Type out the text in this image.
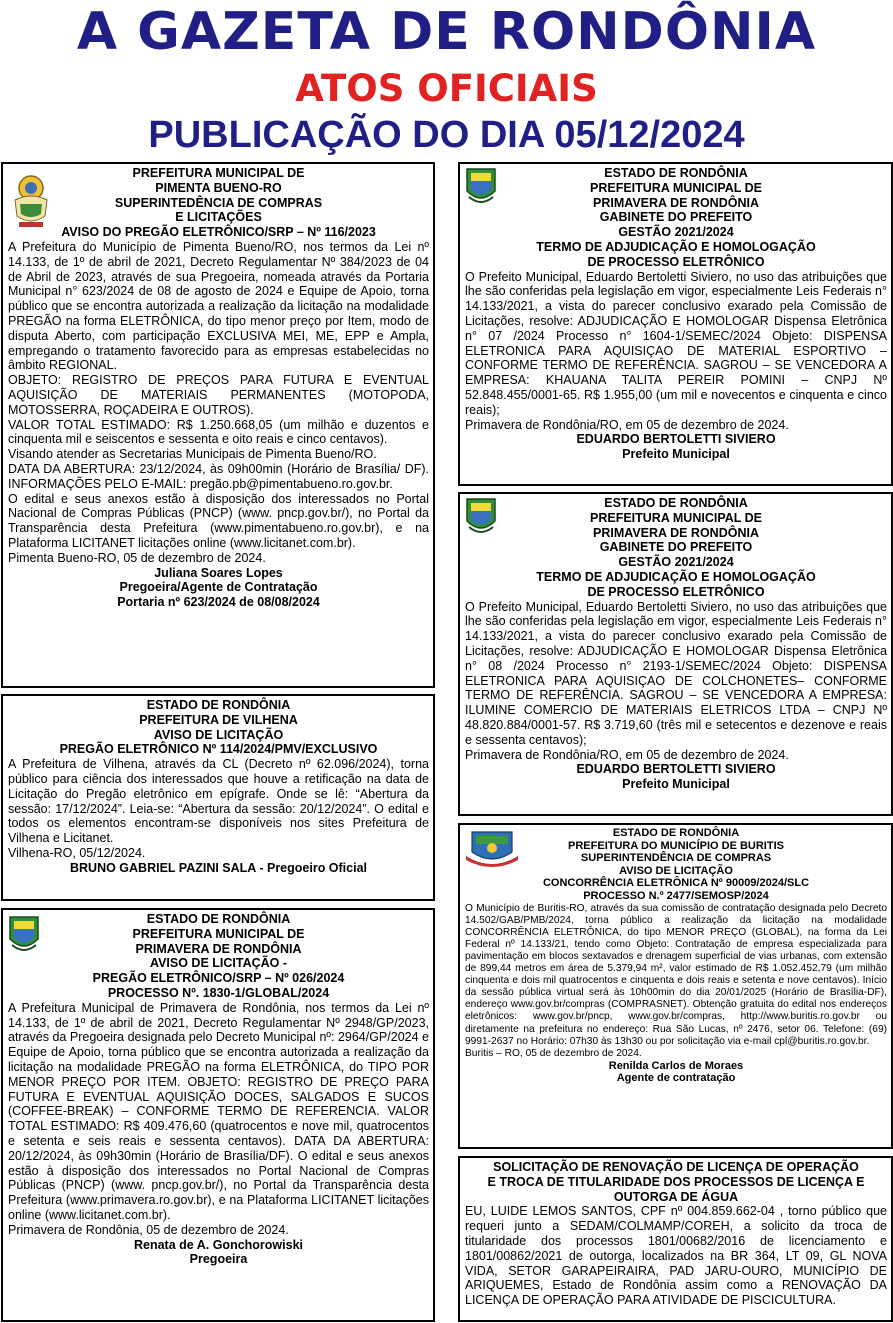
A GAZETA DE RONDÔNIA
ATOS OFICIAIS
PUBLICAÇÃO DO DIA 05/12/2024
PREFEITURA MUNICIPAL DE
PIMENTA BUENO-RO
SUPERINTEDÊNCIA DE COMPRAS
E LICITAÇÕES
AVISO DO PREGÃO ELETRÔNICO/SRP – Nº 116/2023

A Prefeitura do Município de Pimenta Bueno/RO, nos termos da Lei nº 14.133, de 1º de abril de 2021, Decreto Regulamentar Nº 384/2023 de 04 de Abril de 2023, através de sua Pregoeira, nomeada através da Portaria Municipal n° 623/2024 de 08 de agosto de 2024 e Equipe de Apoio, torna público que se encontra autorizada a realização da licitação na modalidade PREGÃO na forma ELETRÔNICA, do tipo menor preço por Item, modo de disputa Aberto, com participação EXCLUSIVA MEI, ME, EPP e Ampla, empregando o tratamento favorecido para as empresas estabelecidas no âmbito REGIONAL.

OBJETO: REGISTRO DE PREÇOS PARA FUTURA E EVENTUAL AQUISIÇÃO DE MATERIAIS PERMANENTES (MOTOPODA, MOTOSSERRA, ROÇADEIRA E OUTROS).

VALOR TOTAL ESTIMADO: R$ 1.250.668,05 (um milhão e duzentos e cinquenta mil e seiscentos e sessenta e oito reais e cinco centavos).

Visando atender as Secretarias Municipais de Pimenta Bueno/RO.

DATA DA ABERTURA: 23/12/2024, às 09h00min (Horário de Brasília/ DF). INFORMAÇÕES PELO E-MAIL: pregão.pb@pimentabueno.ro.gov.br.

O edital e seus anexos estão à disposição dos interessados no Portal Nacional de Compras Públicas (PNCP) (www. pncp.gov.br/), no Portal da Transparência desta Prefeitura (www.pimentabueno.ro.gov.br), e na Plataforma LICITANET licitações online (www.licitanet.com.br).

Pimenta Bueno-RO, 05 de dezembro de 2024.

Juliana Soares Lopes
Pregoeira/Agente de Contratação
Portaria nº 623/2024 de 08/08/2024
ESTADO DE RONDÔNIA
PREFEITURA DE VILHENA
AVISO DE LICITAÇÃO
PREGÃO ELETRÔNICO Nº 114/2024/PMV/EXCLUSIVO

A Prefeitura de Vilhena, através da CL (Decreto nº 62.096/2024), torna público para ciência dos interessados que houve a retificação na data de Licitação do Pregão eletrônico em epígrafe. Onde se lê: “Abertura da sessão: 17/12/2024”. Leia-se: “Abertura da sessão: 20/12/2024”. O edital e todos os elementos encontram-se disponíveis nos sites Prefeitura de Vilhena e Licitanet.

Vilhena-RO, 05/12/2024.

BRUNO GABRIEL PAZINI SALA - Pregoeiro Oficial
ESTADO DE RONDÔNIA
PREFEITURA MUNICIPAL DE
PRIMAVERA DE RONDÔNIA
AVISO DE LICITAÇÃO -
PREGÃO ELETRÔNICO/SRP – Nº 026/2024
PROCESSO Nº. 1830-1/GLOBAL/2024

A Prefeitura Municipal de Primavera de Rondônia, nos termos da Lei nº 14.133, de 1º de abril de 2021, Decreto Regulamentar Nº 2948/GP/2023, através da Pregoeira designada pelo Decreto Municipal nº: 2964/GP/2024 e Equipe de Apoio, torna público que se encontra autorizada a realização da licitação na modalidade PREGÃO na forma ELETRÔNICA, do TIPO POR MENOR PREÇO POR ITEM. OBJETO: REGISTRO DE PREÇO PARA FUTURA E EVENTUAL AQUISIÇÃO DOCES, SALGADOS E SUCOS (COFFEE-BREAK) – CONFORME TERMO DE REFERENCIA. VALOR TOTAL ESTIMADO: R$ 409.476,60 (quatrocentos e nove mil, quatrocentos e setenta e seis reais e sessenta centavos). DATA DA ABERTURA: 20/12/2024, às 09h30min (Horário de Brasília/DF). O edital e seus anexos estão à disposição dos interessados no Portal Nacional de Compras Públicas (PNCP) (www. pncp.gov.br/), no Portal da Transparência desta Prefeitura (www.primavera.ro.gov.br), e na Plataforma LICITANET licitações online (www.licitanet.com.br).

Primavera de Rondônia, 05 de dezembro de 2024.

Renata de A. Gonchorowiski
Pregoeira
ESTADO DE RONDÔNIA
PREFEITURA MUNICIPAL DE
PRIMAVERA DE RONDÔNIA
GABINETE DO PREFEITO
GESTÃO 2021/2024
TERMO DE ADJUDICAÇÃO E HOMOLOGAÇÃO
DE PROCESSO ELETRÔNICO

O Prefeito Municipal, Eduardo Bertoletti Siviero, no uso das atribuições que lhe são conferidas pela legislação em vigor, especialmente Leis Federais n° 14.133/2021, a vista do parecer conclusivo exarado pela Comissão de Licitações, resolve: ADJUDICAÇÃO E HOMOLOGAR Dispensa Eletrônica n° 07 /2024 Processo n° 1604-1/SEMEC/2024 Objeto: DISPENSA ELETRONICA PARA AQUISIÇAO DE MATERIAL ESPORTIVO – CONFORME TERMO DE REFERÊNCIA. SAGROU – SE VENCEDORA A EMPRESA: KHAUANA TALITA PEREIR POMINI – CNPJ Nº 52.848.455/0001-65. R$ 1.955,00 (um mil e novecentos e cinquenta e cinco reais);

Primavera de Rondônia/RO, em 05 de dezembro de 2024.

EDUARDO BERTOLETTI SIVIERO
Prefeito Municipal
ESTADO DE RONDÔNIA
PREFEITURA MUNICIPAL DE
PRIMAVERA DE RONDÔNIA
GABINETE DO PREFEITO
GESTÃO 2021/2024
TERMO DE ADJUDICAÇÃO E HOMOLOGAÇÃO
DE PROCESSO ELETRÔNICO

O Prefeito Municipal, Eduardo Bertoletti Siviero, no uso das atribuições que lhe são conferidas pela legislação em vigor, especialmente Leis Federais n° 14.133/2021, a vista do parecer conclusivo exarado pela Comissão de Licitações, resolve: ADJUDICAÇÃO E HOMOLOGAR Dispensa Eletrônica n° 08 /2024 Processo n° 2193-1/SEMEC/2024 Objeto: DISPENSA ELETRONICA PARA AQUISIÇAO DE COLCHONETES– CONFORME TERMO DE REFERÊNCIA. SAGROU – SE VENCEDORA A EMPRESA: ILUMINE COMERCIO DE MATERIAIS ELETRICOS LTDA – CNPJ Nº 48.820.884/0001-57. R$ 3.719,60 (três mil e setecentos e dezenove e reais e sessenta centavos);

Primavera de Rondônia/RO, em 05 de dezembro de 2024.

EDUARDO BERTOLETTI SIVIERO
Prefeito Municipal
ESTADO DE RONDÔNIA
PREFEITURA DO MUNICÍPIO DE BURITIS
SUPERINTENDÊNCIA DE COMPRAS
AVISO DE LICITAÇÃO
CONCORRÊNCIA ELETRÔNICA Nº 90009/2024/SLC
PROCESSO N.º 2477/SEMOSP/2024

O Município de Buritis-RO, através da sua comissão de contratação designada pelo Decreto 14.502/GAB/PMB/2024, torna público a realização da licitação na modalidade CONCORRÊNCIA ELETRÔNICA, do tipo MENOR PREÇO (GLOBAL), na forma da Lei Federal nº 14.133/21, tendo como Objeto: Contratação de empresa especializada para pavimentação em blocos sextavados e drenagem superficial de vias urbanas, com extensão de 899,44 metros em área de 5.379,94 m², valor estimado de R$ 1.052.452,79 (um milhão cinquenta e dois mil quatrocentos e cinquenta e dois reais e setenta e nove centavos). Início da sessão pública virtual será às 10h00min do dia 20/01/2025 (Horário de Brasília-DF), endereço www.gov.br/compras (COMPRASNET). Obtenção gratuita do edital nos endereços eletrônicos: www.gov.br/pncp, www.gov.br/compras, http://www.buritis.ro.gov.br ou diretamente na prefeitura no endereço: Rua São Lucas, nº 2476, setor 06. Telefone: (69) 9991-2637 no Horário: 07h30 às 13h30 ou por solicitação via e-mail cpl@buritis.ro.gov.br.

Buritis – RO, 05 de dezembro de 2024.

Renilda Carlos de Moraes
Agente de contratação
SOLICITAÇÃO DE RENOVAÇÃO DE LICENÇA DE OPERAÇÃO
E TROCA DE TITULARIDADE DOS PROCESSOS DE LICENÇA E
OUTORGA DE ÁGUA

EU, LUIDE LEMOS SANTOS, CPF nº 004.859.662-04 , torno público que requeri junto a SEDAM/COLMAMP/COREH, a solicito da troca de titularidade dos processos 1801/00682/2016 de licenciamento e 1801/00862/2021 de outorga, localizados na BR 364, LT 09, GL NOVA VIDA, SETOR GARAPEIRAIRA, PAD JARU-OURO, MUNICÍPIO DE ARIQUEMES, Estado de Rondônia assim como a RENOVAÇÃO DA LICENÇA DE OPERAÇÃO PARA ATIVIDADE DE PISCICULTURA.
